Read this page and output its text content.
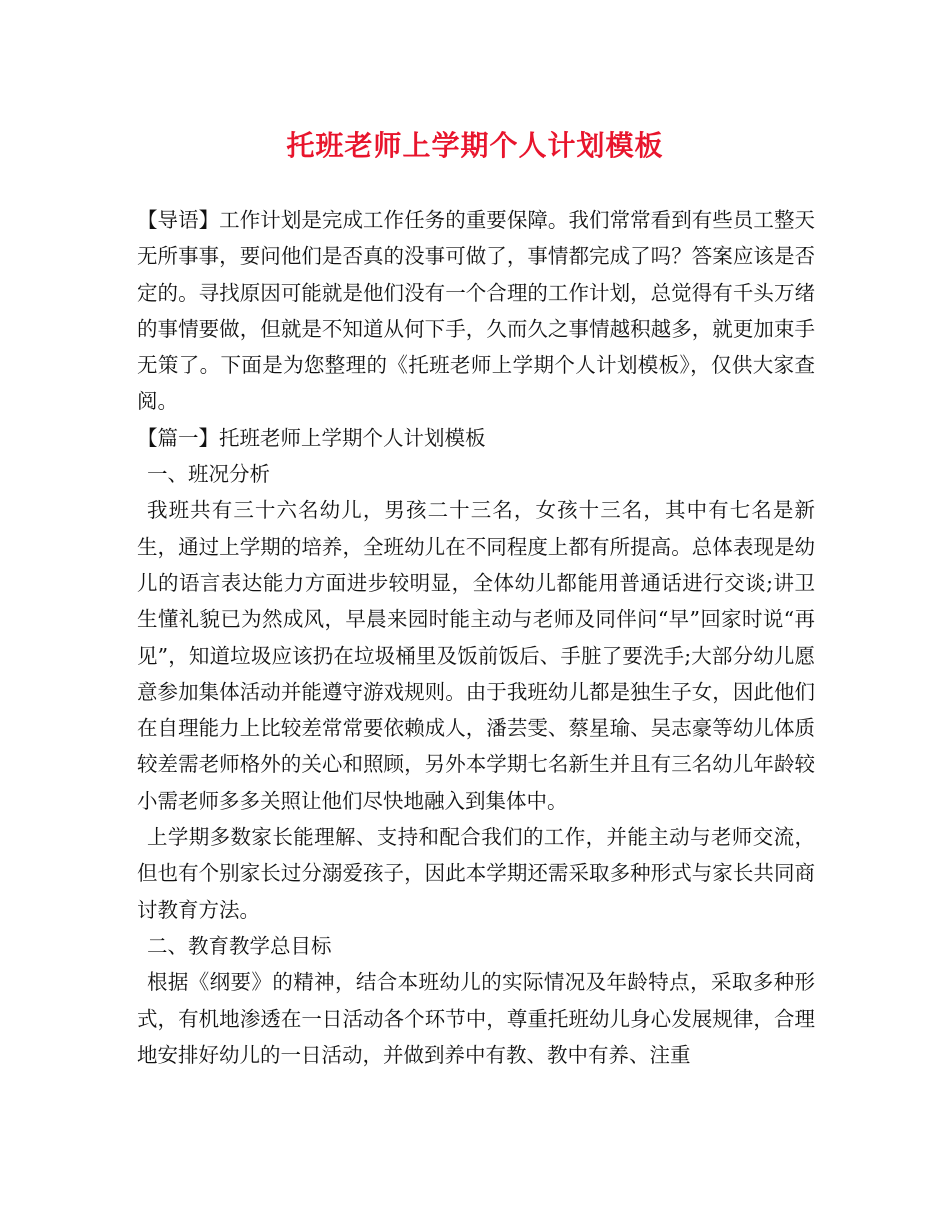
托班老师上学期个人计划模板

【导语】工作计划是完成工作任务的重要保障。我们常常看到有些员工整天无所事事，要问他们是否真的没事可做了，事情都完成了吗？答案应该是否定的。寻找原因可能就是他们没有一个合理的工作计划，总觉得有千头万绪的事情要做，但就是不知道从何下手，久而久之事情越积越多，就更加束手无策了。下面是为您整理的《托班老师上学期个人计划模板》，仅供大家查阅。

【篇一】托班老师上学期个人计划模板

一、班况分析

我班共有三十六名幼儿，男孩二十三名，女孩十三名，其中有七名是新生，通过上学期的培养，全班幼儿在不同程度上都有所提高。总体表现是幼儿的语言表达能力方面进步较明显，全体幼儿都能用普通话进行交谈;讲卫生懂礼貌已为然成风，早晨来园时能主动与老师及同伴问“早”回家时说“再见”，知道垃圾应该扔在垃圾桶里及饭前饭后、手脏了要洗手;大部分幼儿愿意参加集体活动并能遵守游戏规则。由于我班幼儿都是独生子女，因此他们在自理能力上比较差常常要依赖成人，潘芸雯、蔡星瑜、吴志豪等幼儿体质较差需老师格外的关心和照顾，另外本学期七名新生并且有三名幼儿年龄较小需老师多多关照让他们尽快地融入到集体中。

上学期多数家长能理解、支持和配合我们的工作，并能主动与老师交流，但也有个别家长过分溺爱孩子，因此本学期还需采取多种形式与家长共同商讨教育方法。

二、教育教学总目标

根据《纲要》的精神，结合本班幼儿的实际情况及年龄特点，采取多种形式，有机地渗透在一日活动各个环节中，尊重托班幼儿身心发展规律，合理地安排好幼儿的一日活动，并做到养中有教、教中有养、注重
